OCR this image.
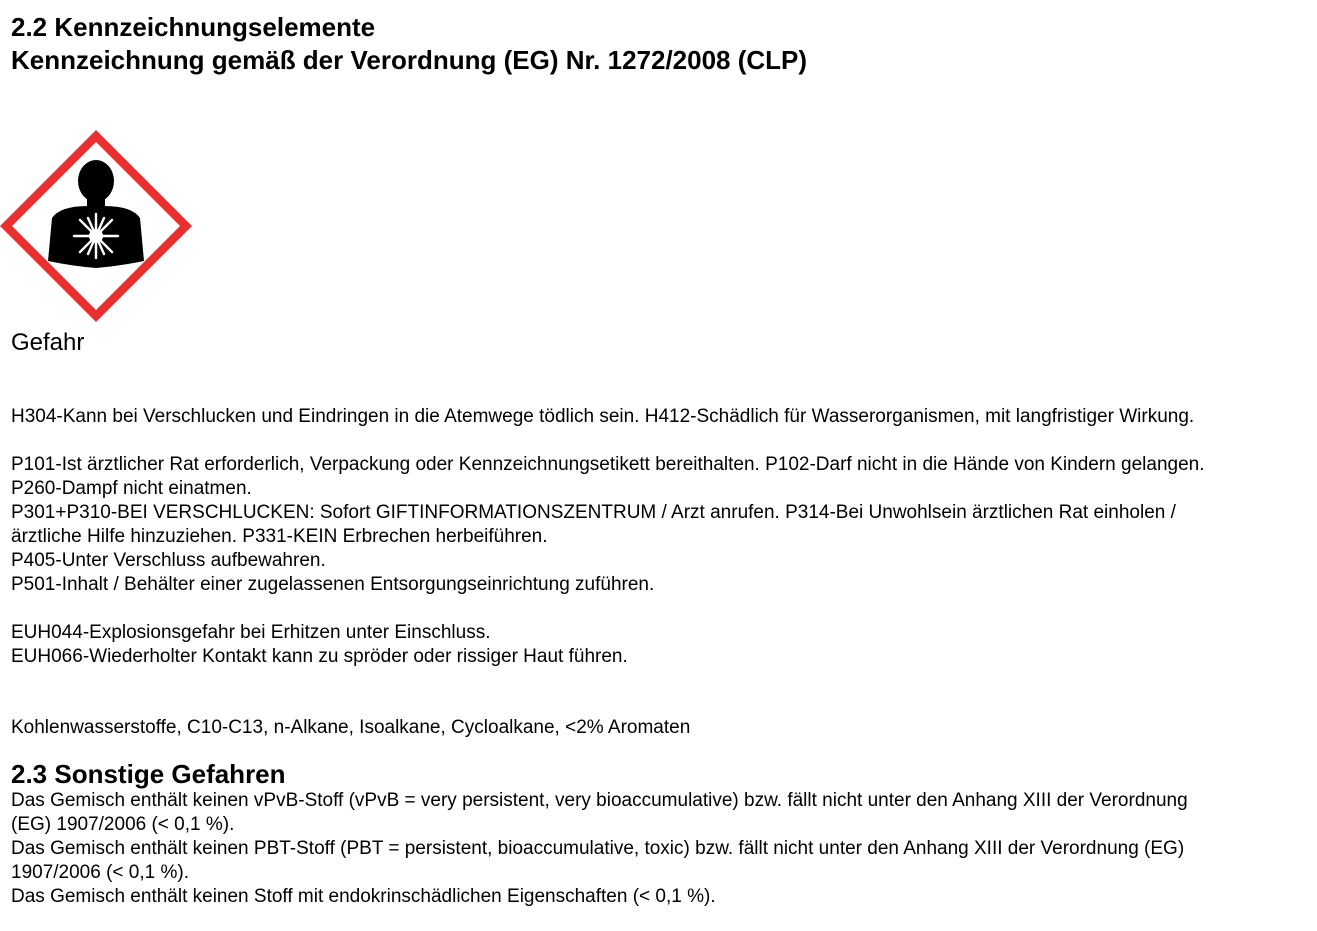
2.2 Kennzeichnungselemente
Kennzeichnung gemäß der Verordnung (EG) Nr. 1272/2008 (CLP)
Gefahr
H304-Kann bei Verschlucken und Eindringen in die Atemwege tödlich sein. H412-Schädlich für Wasserorganismen, mit langfristiger Wirkung.
P101-Ist ärztlicher Rat erforderlich, Verpackung oder Kennzeichnungsetikett bereithalten. P102-Darf nicht in die Hände von Kindern gelangen.
P260-Dampf nicht einatmen.
P301+P310-BEI VERSCHLUCKEN: Sofort GIFTINFORMATIONSZENTRUM / Arzt anrufen. P314-Bei Unwohlsein ärztlichen Rat einholen /
ärztliche Hilfe hinzuziehen. P331-KEIN Erbrechen herbeiführen.
P405-Unter Verschluss aufbewahren.
P501-Inhalt / Behälter einer zugelassenen Entsorgungseinrichtung zuführen.
EUH044-Explosionsgefahr bei Erhitzen unter Einschluss.
EUH066-Wiederholter Kontakt kann zu spröder oder rissiger Haut führen.
Kohlenwasserstoffe, C10-C13, n-Alkane, Isoalkane, Cycloalkane, <2% Aromaten
2.3 Sonstige Gefahren
Das Gemisch enthält keinen vPvB-Stoff (vPvB = very persistent, very bioaccumulative) bzw. fällt nicht unter den Anhang XIII der Verordnung
(EG) 1907/2006 (< 0,1 %).
Das Gemisch enthält keinen PBT-Stoff (PBT = persistent, bioaccumulative, toxic) bzw. fällt nicht unter den Anhang XIII der Verordnung (EG)
1907/2006 (< 0,1 %).
Das Gemisch enthält keinen Stoff mit endokrinschädlichen Eigenschaften (< 0,1 %).
